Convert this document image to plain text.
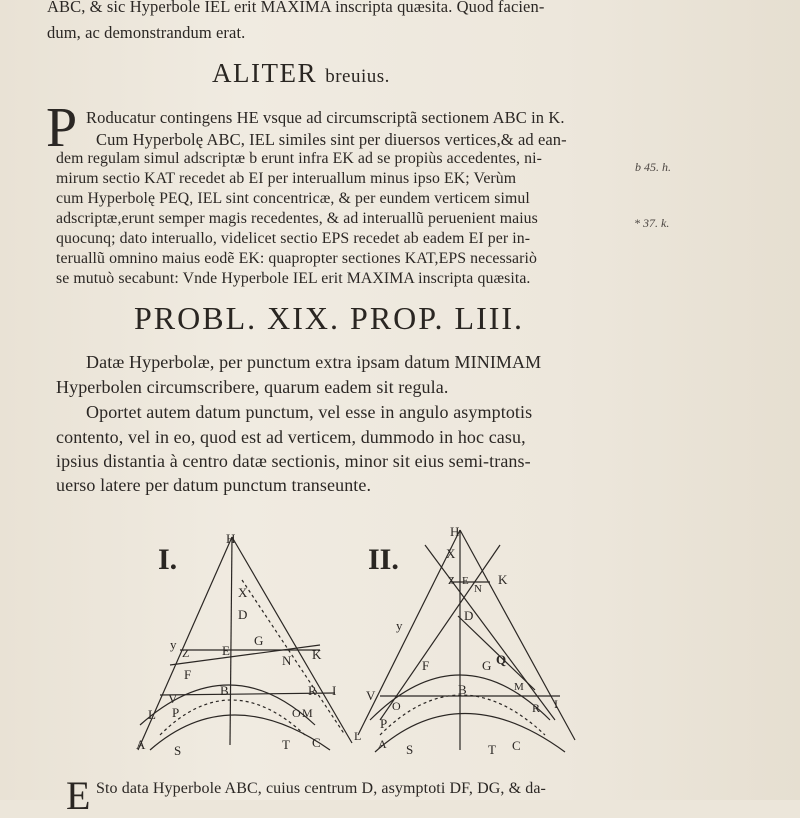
ABC, & sic Hyperbole IEL erit MAXIMA inscripta quæsita. Quod facien-
dum, ac demonstrandum erat.
ALITER breuius.
P Roducatur contingens HE vsque ad circumscriptã sectionem ABC in K.
Cum Hyperbolę ABC, IEL similes sint per diuersos vertices,& ad ean-
dem regulam simul adscriptæ b erunt infra EK ad se propiùs accedentes, ni-
mirum sectio KAT recedet ab EI per interuallum minus ipso EK; Verùm
cum Hyperbolę PEQ, IEL sint concentricæ, & per eundem verticem simul
adscriptæ,erunt semper magis recedentes, & ad interuallũ peruenient maius
quocunq; dato interuallo, videlicet sectio EPS recedet ab eadem EI per in-
teruallũ omnino maius eodẽ EK: quapropter sectiones KAT,EPS necessariò
se mutuò secabunt: Vnde Hyperbole IEL erit MAXIMA inscripta quæsita.
b 45. h.
* 37. k.
PROBL. XIX. PROP. LIII.
Datæ Hyperbolæ, per punctum extra ipsam datum MINIMAM
Hyperbolen circumscribere, quarum eadem sit regula.
Oportet autem datum punctum, vel esse in angulo asymptotis
contento, vel in eo, quod est ad verticem, dummodo in hoc casu,
ipsius distantia à centro datæ sectionis, minor sit eius semi-trans-
uerso latere per datum punctum transeunte.
I.	II.
H
X
D
G
y
Z	E
N K
F
V
B	R I
L P	O M
A S	T C
H
X
Z E K
N
D
y
F	G Q
M
V
O
B
R I
P
L
A S	T C
E Sto data Hyperbole ABC, cuius centrum D, asymptoti DF, DG, & da-
